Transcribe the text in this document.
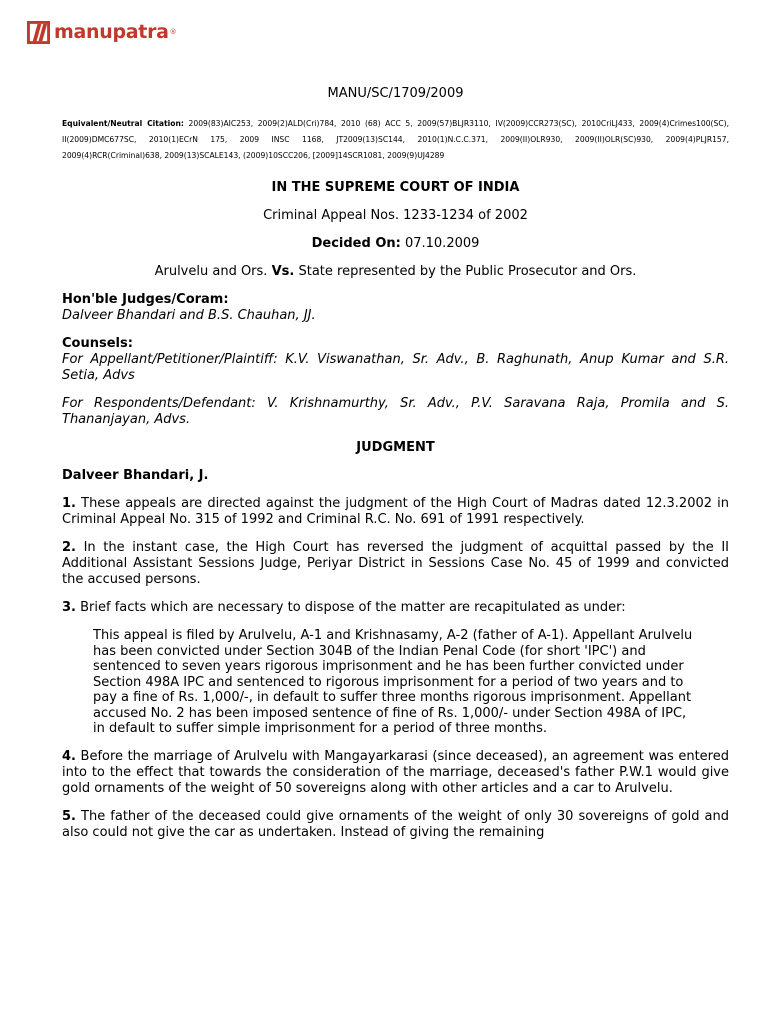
manupatra ®
MANU/SC/1709/2009
Equivalent/Neutral Citation: 2009(83)AIC253, 2009(2)ALD(Cri)784, 2010 (68) ACC 5, 2009(57)BLJR3110, IV(2009)CCR273(SC), 2010CriLJ433, 2009(4)Crimes100(SC), II(2009)DMC677SC, 2010(1)ECrN 175, 2009 INSC 1168, JT2009(13)SC144, 2010(1)N.C.C.371, 2009(II)OLR930, 2009(II)OLR(SC)930, 2009(4)PLJR157, 2009(4)RCR(Criminal)638, 2009(13)SCALE143, (2009)10SCC206, [2009]14SCR1081, 2009(9)UJ4289
IN THE SUPREME COURT OF INDIA
Criminal Appeal Nos. 1233-1234 of 2002
Decided On: 07.10.2009
Arulvelu and Ors. Vs. State represented by the Public Prosecutor and Ors.
Hon'ble Judges/Coram:
Dalveer Bhandari and B.S. Chauhan, JJ.
Counsels:
For Appellant/Petitioner/Plaintiff: K.V. Viswanathan, Sr. Adv., B. Raghunath, Anup Kumar and S.R. Setia, Advs
For Respondents/Defendant: V. Krishnamurthy, Sr. Adv., P.V. Saravana Raja, Promila and S. Thananjayan, Advs.
JUDGMENT
Dalveer Bhandari, J.
1. These appeals are directed against the judgment of the High Court of Madras dated 12.3.2002 in Criminal Appeal No. 315 of 1992 and Criminal R.C. No. 691 of 1991 respectively.
2. In the instant case, the High Court has reversed the judgment of acquittal passed by the II Additional Assistant Sessions Judge, Periyar District in Sessions Case No. 45 of 1999 and convicted the accused persons.
3. Brief facts which are necessary to dispose of the matter are recapitulated as under:
This appeal is filed by Arulvelu, A-1 and Krishnasamy, A-2 (father of A-1). Appellant Arulvelu has been convicted under Section 304B of the Indian Penal Code (for short 'IPC') and sentenced to seven years rigorous imprisonment and he has been further convicted under Section 498A IPC and sentenced to rigorous imprisonment for a period of two years and to pay a fine of Rs. 1,000/-, in default to suffer three months rigorous imprisonment. Appellant accused No. 2 has been imposed sentence of fine of Rs. 1,000/- under Section 498A of IPC, in default to suffer simple imprisonment for a period of three months.
4. Before the marriage of Arulvelu with Mangayarkarasi (since deceased), an agreement was entered into to the effect that towards the consideration of the marriage, deceased's father P.W.1 would give gold ornaments of the weight of 50 sovereigns along with other articles and a car to Arulvelu.
5. The father of the deceased could give ornaments of the weight of only 30 sovereigns of gold and also could not give the car as undertaken. Instead of giving the remaining
